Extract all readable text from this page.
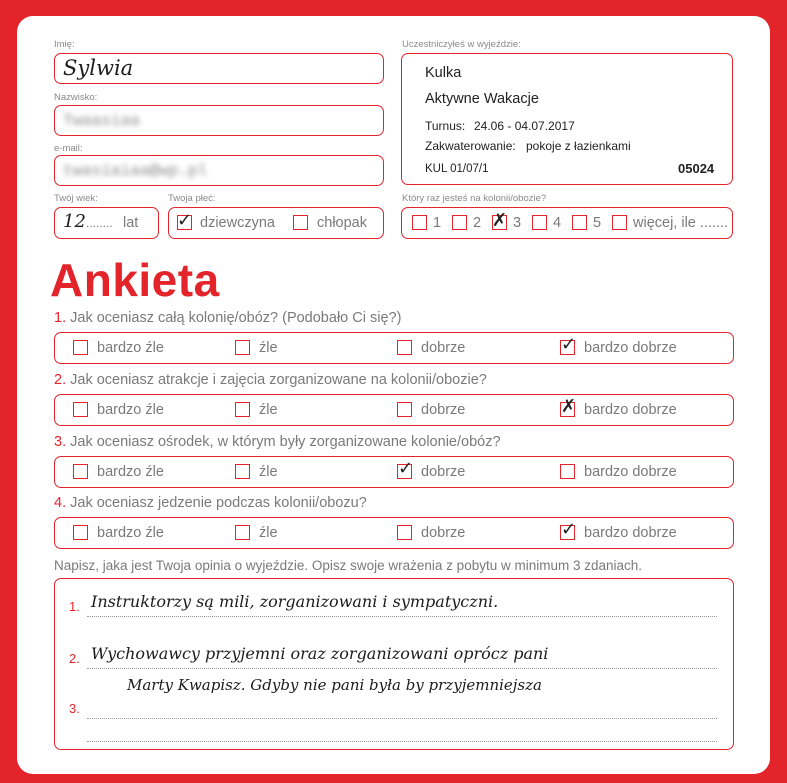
Imię:
Sylwia
Nazwisko:
Twaasiaa
e-mail:
twasiaiaa@wp.pl
Twój wiek:
12 ........ lat
Twoja płeć:
✓ dziewczyna	chłopak
Uczestniczyłeś w wyjeździe:
Kulka
Aktywne Wakacje
Turnus: 24.06 - 04.07.2017
Zakwaterowanie: pokoje z łazienkami
KUL 01/07/1	05024
Który raz jesteś na kolonii/obozie?
1 2 ✗ 3 4 5 więcej, ile .......
Ankieta
1. Jak oceniasz całą kolonię/obóz? (Podobało Ci się?)
bardzo źle	źle	dobrze	✓ bardzo dobrze
2. Jak oceniasz atrakcje i zajęcia zorganizowane na kolonii/obozie?
bardzo źle	źle	dobrze	✗ bardzo dobrze
3. Jak oceniasz ośrodek, w którym były zorganizowane kolonie/obóz?
bardzo źle	źle	✓ dobrze	bardzo dobrze
4. Jak oceniasz jedzenie podczas kolonii/obozu?
bardzo źle	źle	dobrze	✓ bardzo dobrze
Napisz, jaka jest Twoja opinia o wyjeździe. Opisz swoje wrażenia z pobytu w minimum 3 zdaniach.
1. Instruktorzy są mili, zorganizowani i sympatyczni.
2. Wychowawcy przyjemni oraz zorganizowani oprócz pani
3.
Marty Kwapisz. Gdyby nie pani była by przyjemniejsza
